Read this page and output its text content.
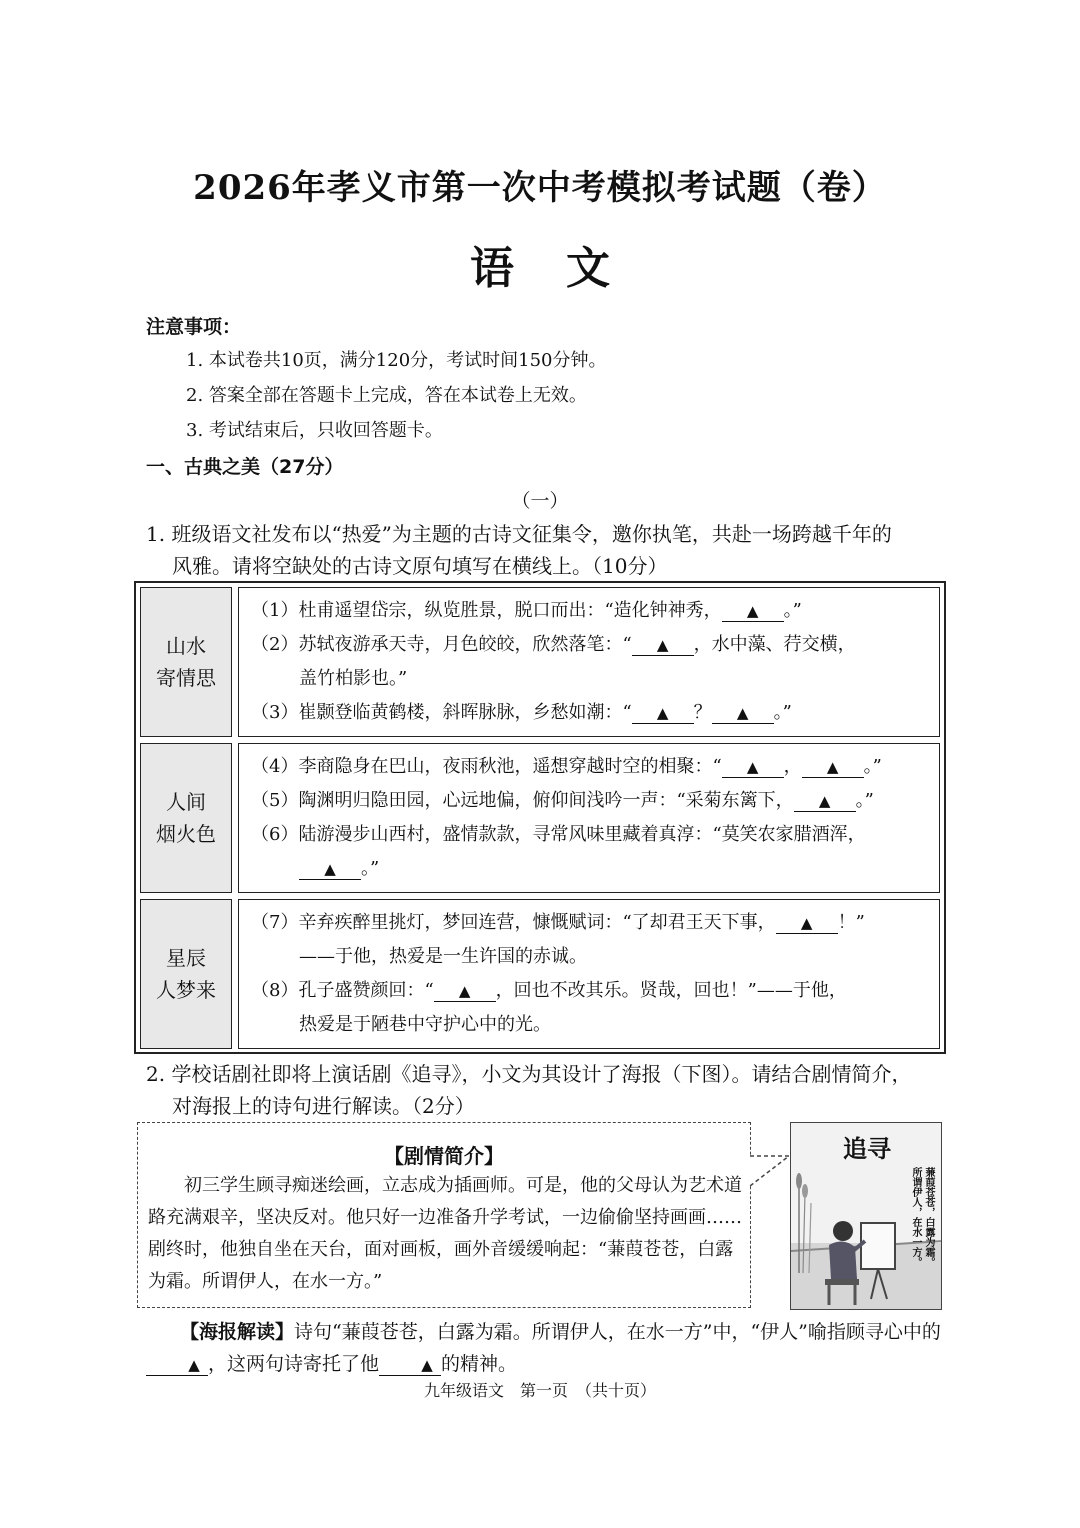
2026年孝义市第一次中考模拟考试题（卷）
语 文
注意事项：
1. 本试卷共10页，满分120分，考试时间150分钟。
2. 答案全部在答题卡上完成，答在本试卷上无效。
3. 考试结束后，只收回答题卡。
一、古典之美（27分）
（一）
1. 班级语文社发布以“热爱”为主题的古诗文征集令，邀你执笔，共赴一场跨越千年的
风雅。请将空缺处的古诗文原句填写在横线上。（10分）
山水
寄情思

（1）杜甫遥望岱宗，纵览胜景，脱口而出：“造化钟神秀， ▲ 。”

（2）苏轼夜游承天寺，月色皎皎，欣然落笔：“ ▲ ，水中藻、荇交横，

盖竹柏影也。”

（3）崔颢登临黄鹤楼，斜晖脉脉，乡愁如潮：“ ▲ ？ ▲ 。”

人间
烟火色

（4）李商隐身在巴山，夜雨秋池，遥想穿越时空的相聚：“ ▲ ， ▲ 。”

（5）陶渊明归隐田园，心远地偏，俯仰间浅吟一声：“采菊东篱下， ▲ 。”

（6）陆游漫步山西村，盛情款款，寻常风味里藏着真淳：“莫笑农家腊酒浑，

▲ 。”

星辰
人梦来

（7）辛弃疾醉里挑灯，梦回连营，慷慨赋词：“了却君王天下事， ▲ ！”

——于他，热爱是一生许国的赤诚。

（8）孔子盛赞颜回：“ ▲ ，回也不改其乐。贤哉，回也！”——于他，

热爱是于陋巷中守护心中的光。

2. 学校话剧社即将上演话剧《追寻》，小文为其设计了海报（下图）。请结合剧情简介，
对海报上的诗句进行解读。（2分）
【剧情简介】
初三学生顾寻痴迷绘画，立志成为插画师。可是，他的父母认为艺术道路充满艰辛，坚决反对。他只好一边准备升学考试，一边偷偷坚持画画……剧终时，他独自坐在天台，面对画板，画外音缓缓响起：“蒹葭苍苍，白露为霜。所谓伊人，在水一方。”
追寻
蒹葭苍苍，白露为霜。
所谓伊人，在水一方。
【海报解读】诗句“蒹葭苍苍，白露为霜。所谓伊人，在水一方”中，“伊人”喻指顾寻心中的▲ ，这两句诗寄托了他	▲ 的精神。
九年级语文　第一页　（共十页）
